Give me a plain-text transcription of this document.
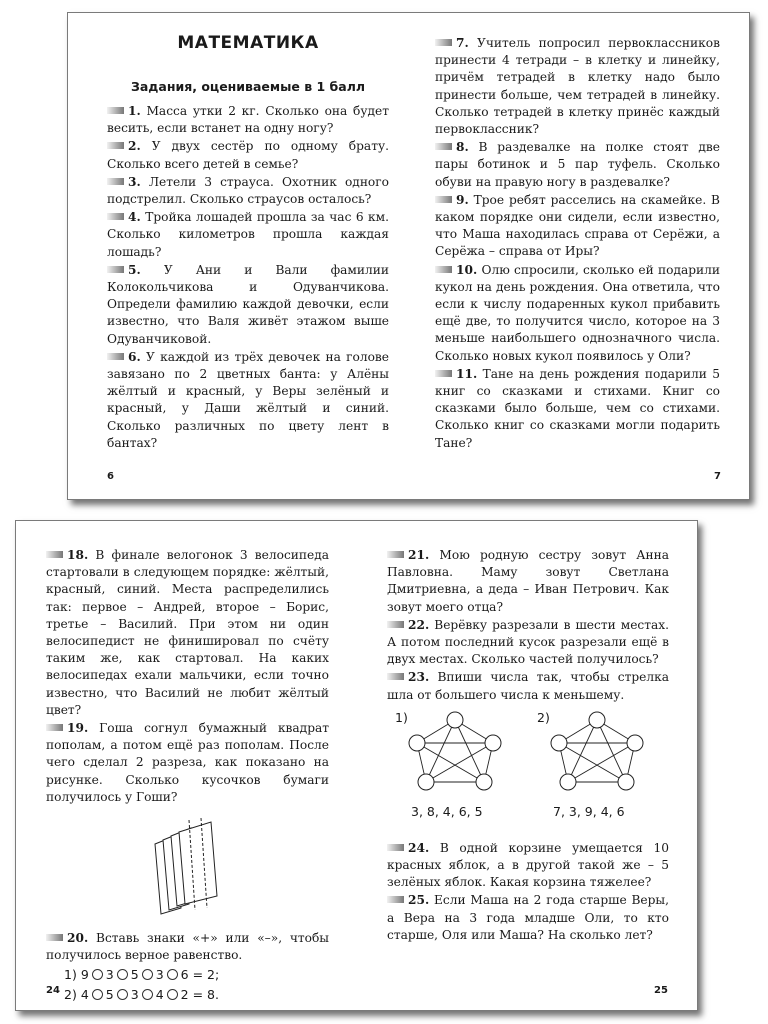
МАТЕМАТИКА
Задания, оцениваемые в 1 балл

1. Масса утки 2 кг. Сколько она будет весить, если встанет на одну ногу?

2. У двух сестёр по одному брату. Сколько всего детей в семье?

3. Летели 3 страуса. Охотник одного подстрелил. Сколько страусов осталось?

4. Тройка лошадей прошла за час 6 км. Сколько километров прошла каждая лошадь?

5. У Ани и Вали фамилии Колокольчикова и Одуванчикова. Определи фамилию каждой девочки, если известно, что Валя живёт этажом выше Одуванчиковой.

6. У каждой из трёх девочек на голове завязано по 2 цветных банта: у Алёны жёлтый и красный, у Веры зелёный и красный, у Даши жёлтый и синий. Сколько различных по цвету лент в бантах?

7. Учитель попросил первоклассников принести 4 тетради – в клетку и линейку, причём тетрадей в клетку надо было принести больше, чем тетрадей в линейку. Сколько тетрадей в клетку принёс каждый первоклассник?

8. В раздевалке на полке стоят две пары ботинок и 5 пар туфель. Сколько обуви на правую ногу в раздевалке?

9. Трое ребят расселись на скамейке. В каком порядке они сидели, если известно, что Маша находилась справа от Серёжи, а Серёжа – справа от Иры?

10. Олю спросили, сколько ей подарили кукол на день рождения. Она ответила, что если к числу подаренных кукол прибавить ещё две, то получится число, которое на 3 меньше наибольшего однозначного числа. Сколько новых кукол появилось у Оли?

11. Тане на день рождения подарили 5 книг со сказками и стихами. Книг со сказками было больше, чем со стихами. Сколько книг со сказками могли подарить Тане?

6	7

18. В финале велогонок 3 велосипеда стартовали в следующем порядке: жёлтый, красный, синий. Места распределились так: первое – Андрей, второе – Борис, третье – Василий. При этом ни один велосипедист не финишировал по счёту таким же, как стартовал. На каких велосипедах ехали мальчики, если точно известно, что Василий не любит жёлтый цвет?

19. Гоша согнул бумажный квадрат пополам, а потом ещё раз пополам. После чего сделал 2 разреза, как показано на рисунке. Сколько кусочков бумаги получилось у Гоши?

20. Вставь знаки «+» или «–», чтобы получилось верное равенство.

1) 9 3 5 3 6 = 2;
2) 4 5 3 4 2 = 8.

21. Мою родную сестру зовут Анна Павловна. Маму зовут Светлана Дмитриевна, а деда – Иван Петрович. Как зовут моего отца?

22. Верёвку разрезали в шести местах. А потом последний кусок разрезали ещё в двух местах. Сколько частей получилось?

23. Впиши числа так, чтобы стрелка шла от большего числа к меньшему.

1)
3, 8, 4, 6, 5
2)
7, 3, 9, 4, 6

24. В одной корзине умещается 10 красных яблок, а в другой такой же – 5 зелёных яблок. Какая корзина тяжелее?

25. Если Маша на 2 года старше Веры, а Вера на 3 года младше Оли, то кто старше, Оля или Маша? На сколько лет?

24	25
